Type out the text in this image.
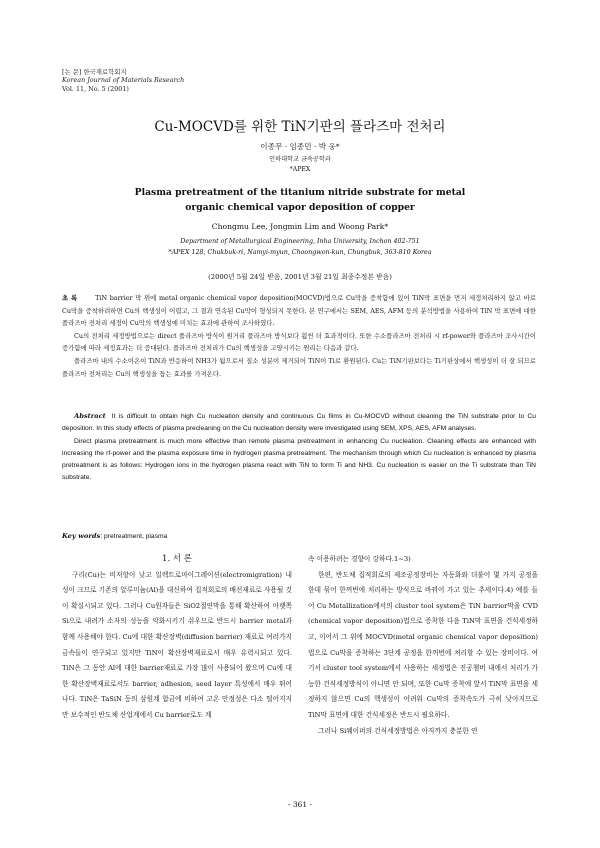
[논 문] 한국재료학회지
Korean Journal of Materials Research
Vol. 11, No. 5 (2001)
Cu-MOCVD를 위한 TiN기판의 플라즈마 전처리
이종무 · 임종민 · 박 웅*
인하대학교 금속공학과
*APEX
Plasma pretreatment of the titanium nitride substrate for metal
organic chemical vapor deposition of copper
Chongmu Lee, Jongmin Lim and Woong Park*
Department of Metallurgical Engineering, Inha University, Inchon 402-751
*APEX 128, Chukbuk-ri, Namyi-myun, Choongwon-kun, Chungbuk, 363-810 Korea
(2000년 5월 24일 받음, 2001년 3월 21일 최종수정본 받음)

초 록	TiN barrier 막 위에 metal organic chemical vapor deposition(MOCVD)법으로 Cu막을 증착함에 있어 TiN막 표면을 먼저 세정처리하지 않고 바로 Cu막을 증착하려하면 Cu의 핵생성이 어렵고, 그 결과 연속된 Cu막이 형성되지 못한다. 본 연구에서는 SEM, AES, AFM 등의 분석방법을 사용하여 TiN 막 표면에 대한 플라즈마 전처리 세정이 Cu막의 핵생성에 미치는 효과에 관하여 조사하였다.

Cu의 전처리 세정방법으로는 direct 플라즈마 방식이 원거리 플라즈마 방식보다 훨씬 더 효과적이다. 또한 수소플라즈마 전처리 시 rf-power와 플라즈마 조사시간이 증가함에 따라 세정효과는 더 증대된다. 플라즈마 전처리가 Cu의 핵생성을 고양시키는 원리는 다음과 같다.

플라즈마 내의 수소이온이 TiN과 반응하여 NH3가 됨으로서 질소 성분이 제거되어 TiN이 Ti로 환원된다. Cu는 TiN기판보다는 Ti기판상에서 핵생성이 더 잘 되므로 플라즈마 전처리는 Cu의 핵생성을 돕는 효과를 가져온다.

Abstract It is difficult to obtain high Cu nucleation density and continuous Cu films in Cu-MOCVD without cleaning the TiN substrate prior to Cu deposition. In this study effects of plasma precleaning on the Cu nucleation density were investigated using SEM, XPS, AES, AFM analyses.

Direct plasma pretreatment is much more effective than remote plasma pretreatment in enhancing Cu nucleation. Cleaning effects are enhanced with increasing the rf-power and the plasma exposure time in hydrogen plasma pretreatment. The mechanism through which Cu nucleation is enhanced by plasma pretreatment is as follows: Hydrogen ions in the hydrogen plasma react with TiN to form Ti and NH3. Cu nucleation is easier on the Ti substrate than TiN substrate.

Key words: pretreatment, plasma

1. 서 론

구리(Cu)는 비저항이 낮고 일렉트로마이그레이션(electromigration) 내성이 크므로 기존의 알루미늄(Al)을 대신하여 집적회로의 배선재료로 사용될 것이 확실시되고 있다. 그러나 Cu원자들은 SiO2절연막을 통해 확산하여 아랫쪽 Si으로 내려가 소자의 성능을 악화시키기 쉬우므로 반드시 barrier metal과 함께 사용해야 한다. Cu에 대한 확산장벽(diffusion barrier) 재료로 여러가지 금속들이 연구되고 있지만 TiN이 확산장벽재료로서 매우 유력시되고 있다. TiN은 그 동안 Al에 대한 barrier재료로 가장 많이 사용되어 왔으며 Cu에 대한 확산장벽재료로서도 barrier, adhesion, seed layer 특성에서 매우 뛰어나다. TiN은 TaSiN 등의 삼원계 합금에 비하여 고온 안정성은 다소 떨어지지만 보수적인 반도체 산업계에서 Cu barrier로도 계

속 이용하려는 경향이 강하다.1~3)

한편, 반도체 집적회로의 제조공정장비는 자동화와 더불어 몇 가지 공정을 한데 묶어 한꺼번에 처리하는 방식으로 바꿔어 가고 있는 추세이다.4) 예를 들어 Cu Metallization에서의 cluster tool system은 TiN barrier막을 CVD (chemical vapor deposition)법으로 증착한 다음 TiN막 표면을 건식세정하고, 이어서 그 위에 MOCVD(metal organic chemical vapor deposition)법으로 Cu막을 증착하는 3단계 공정을 한꺼번에 처리할 수 있는 장비이다. 여기서 cluster tool system에서 사용하는 세정법은 진공챔버 내에서 처리가 가능한 건식세정방식이 아니면 안 되며, 또한 Cu막 증착에 앞서 TiN막 표면을 세정하지 않으면 Cu의 핵생성이 어려워 Cu막의 증착속도가 극히 낮아지므로 TiN막 표면에 대한 건식세정은 반드시 필요하다.

그러나 Si웨이퍼의 건식세정방법은 아직까지 충분한 연

- 361 -
